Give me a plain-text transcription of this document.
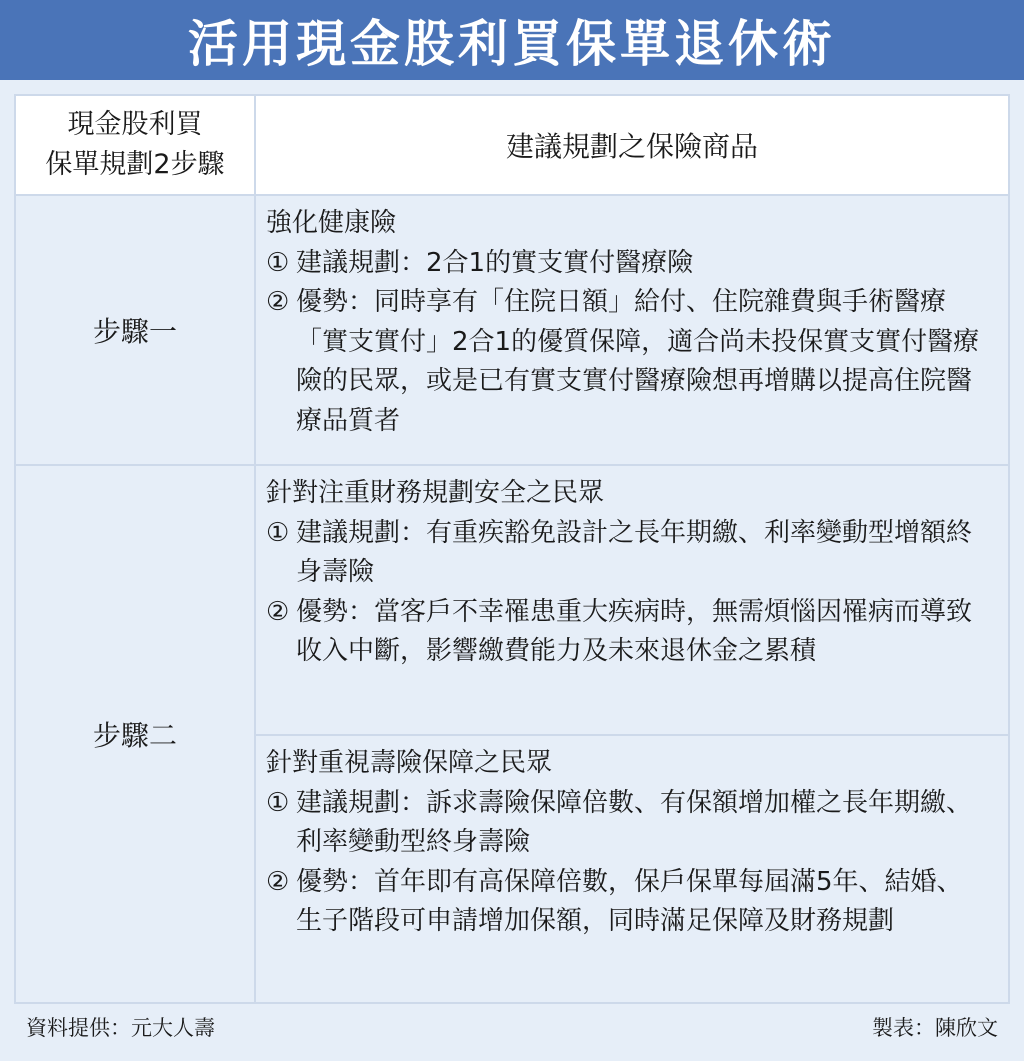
活用現金股利買保單退休術
現金股利買
保單規劃2步驟	建議規劃之保險商品
步驟一	強化健康險
① 建議規劃：2合1的實支實付醫療險
② 優勢：同時享有「住院日額」給付、住院雜費與手術醫療「實支實付」2合1的優質保障，適合尚未投保實支實付醫療險的民眾，或是已有實支實付醫療險想再增購以提高住院醫療品質者

步驟二	針對注重財務規劃安全之民眾
① 建議規劃：有重疾豁免設計之長年期繳、利率變動型增額終身壽險
② 優勢：當客戶不幸罹患重大疾病時，無需煩惱因罹病而導致收入中斷，影響繳費能力及未來退休金之累積

	針對重視壽險保障之民眾
① 建議規劃：訴求壽險保障倍數、有保額增加權之長年期繳、利率變動型終身壽險
② 優勢：首年即有高保障倍數，保戶保單每屆滿5年、結婚、生子階段可申請增加保額，同時滿足保障及財務規劃
資料提供：元大人壽	製表：陳欣文
